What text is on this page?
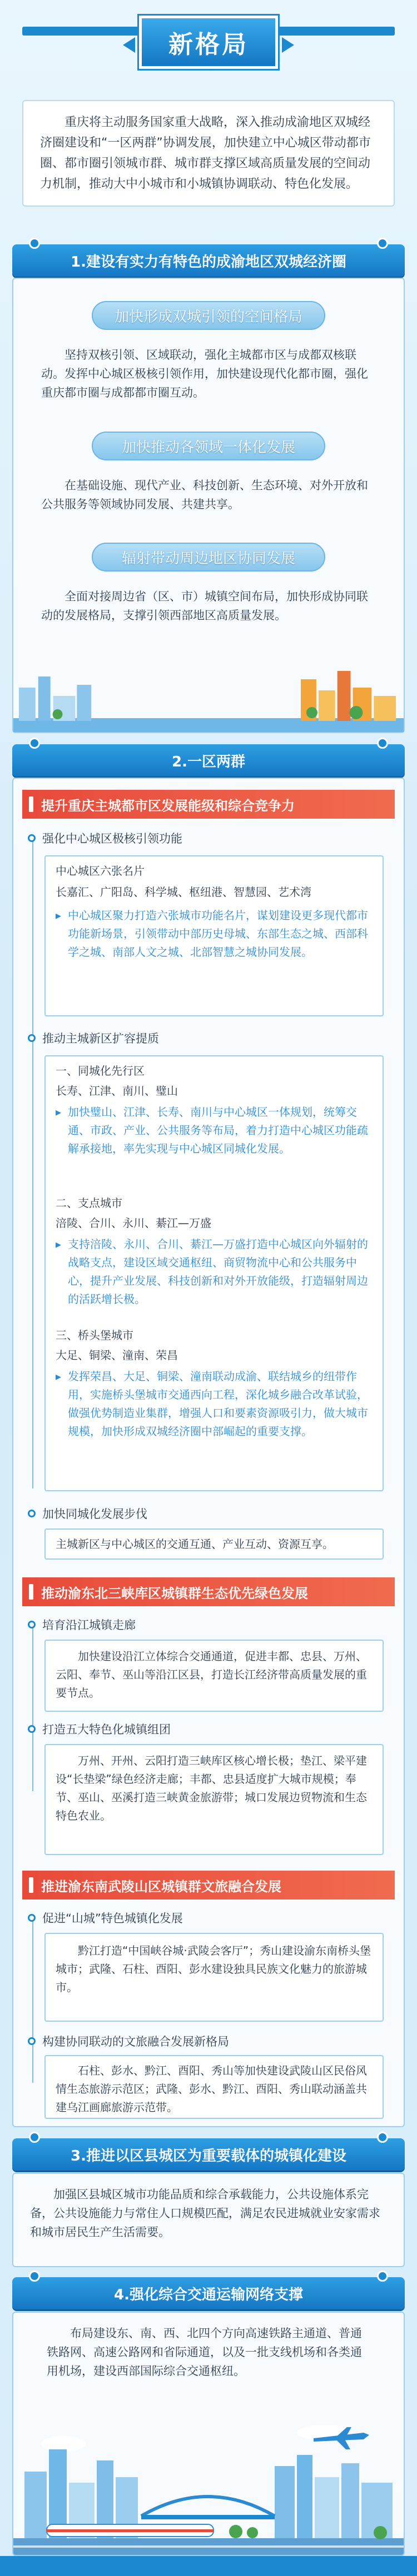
新格局
重庆将主动服务国家重大战略，深入推动成渝地区双城经济圈建设和“一区两群”协调发展，加快建立中心城区带动都市圈、都市圈引领城市群、城市群支撑区域高质量发展的空间动力机制，推动大中小城市和小城镇协调联动、特色化发展。
1.建设有实力有特色的成渝地区双城经济圈
加快形成双城引领的空间格局
坚持双核引领、区域联动，强化主城都市区与成都双核联动。发挥中心城区极核引领作用，加快建设现代化都市圈，强化重庆都市圈与成都都市圈互动。
加快推动各领域一体化发展
在基础设施、现代产业、科技创新、生态环境、对外开放和公共服务等领域协同发展、共建共享。
辐射带动周边地区协同发展
全面对接周边省（区、市）城镇空间布局，加快形成协同联动的发展格局，支撑引领西部地区高质量发展。
2.一区两群
提升重庆主城都市区发展能级和综合竞争力
强化中心城区极核引领功能
中心城区六张名片
长嘉汇、广阳岛、科学城、枢纽港、智慧园、艺术湾
▸ 中心城区聚力打造六张城市功能名片，谋划建设更多现代都市功能新场景，引领带动中部历史母城、东部生态之城、西部科学之城、南部人文之城、北部智慧之城协同发展。
推动主城新区扩容提质
一、同城化先行区
长寿、江津、南川、璧山
▸ 加快璧山、江津、长寿、南川与中心城区一体规划，统筹交通、市政、产业、公共服务等布局，着力打造中心城区功能疏解承接地，率先实现与中心城区同城化发展。
二、支点城市
涪陵、合川、永川、綦江—万盛
▸ 支持涪陵、永川、合川、綦江—万盛打造中心城区向外辐射的战略支点，建设区域交通枢纽、商贸物流中心和公共服务中心，提升产业发展、科技创新和对外开放能级，打造辐射周边的活跃增长极。
三、桥头堡城市
大足、铜梁、潼南、荣昌
▸ 发挥荣昌、大足、铜梁、潼南联动成渝、联结城乡的纽带作用，实施桥头堡城市交通西向工程，深化城乡融合改革试验，做强优势制造业集群，增强人口和要素资源吸引力，做大城市规模，加快形成双城经济圈中部崛起的重要支撑。
加快同城化发展步伐
主城新区与中心城区的交通互通、产业互动、资源互享。
推动渝东北三峡库区城镇群生态优先绿色发展
培育沿江城镇走廊
加快建设沿江立体综合交通通道，促进丰都、忠县、万州、云阳、奉节、巫山等沿江区县，打造长江经济带高质量发展的重要节点。
打造五大特色化城镇组团
万州、开州、云阳打造三峡库区核心增长极；垫江、梁平建设“长垫梁”绿色经济走廊；丰都、忠县适度扩大城市规模；奉节、巫山、巫溪打造三峡黄金旅游带；城口发展边贸物流和生态特色农业。
推进渝东南武陵山区城镇群文旅融合发展
促进“山城”特色城镇化发展
黔江打造“中国峡谷城·武陵会客厅”；秀山建设渝东南桥头堡城市；武隆、石柱、酉阳、彭水建设独具民族文化魅力的旅游城市。
构建协同联动的文旅融合发展新格局
石柱、彭水、黔江、酉阳、秀山等加快建设武陵山区民俗风情生态旅游示范区；武隆、彭水、黔江、酉阳、秀山联动涵盖共建乌江画廊旅游示范带。
3.推进以区县城区为重要载体的城镇化建设
加强区县城区城市功能品质和综合承载能力，公共设施体系完备，公共设施能力与常住人口规模匹配，满足农民进城就业安家需求和城市居民生产生活需要。
4.强化综合交通运输网络支撑
布局建设东、南、西、北四个方向高速铁路主通道、普通铁路网、高速公路网和省际通道，以及一批支线机场和各类通用机场，建设西部国际综合交通枢纽。
